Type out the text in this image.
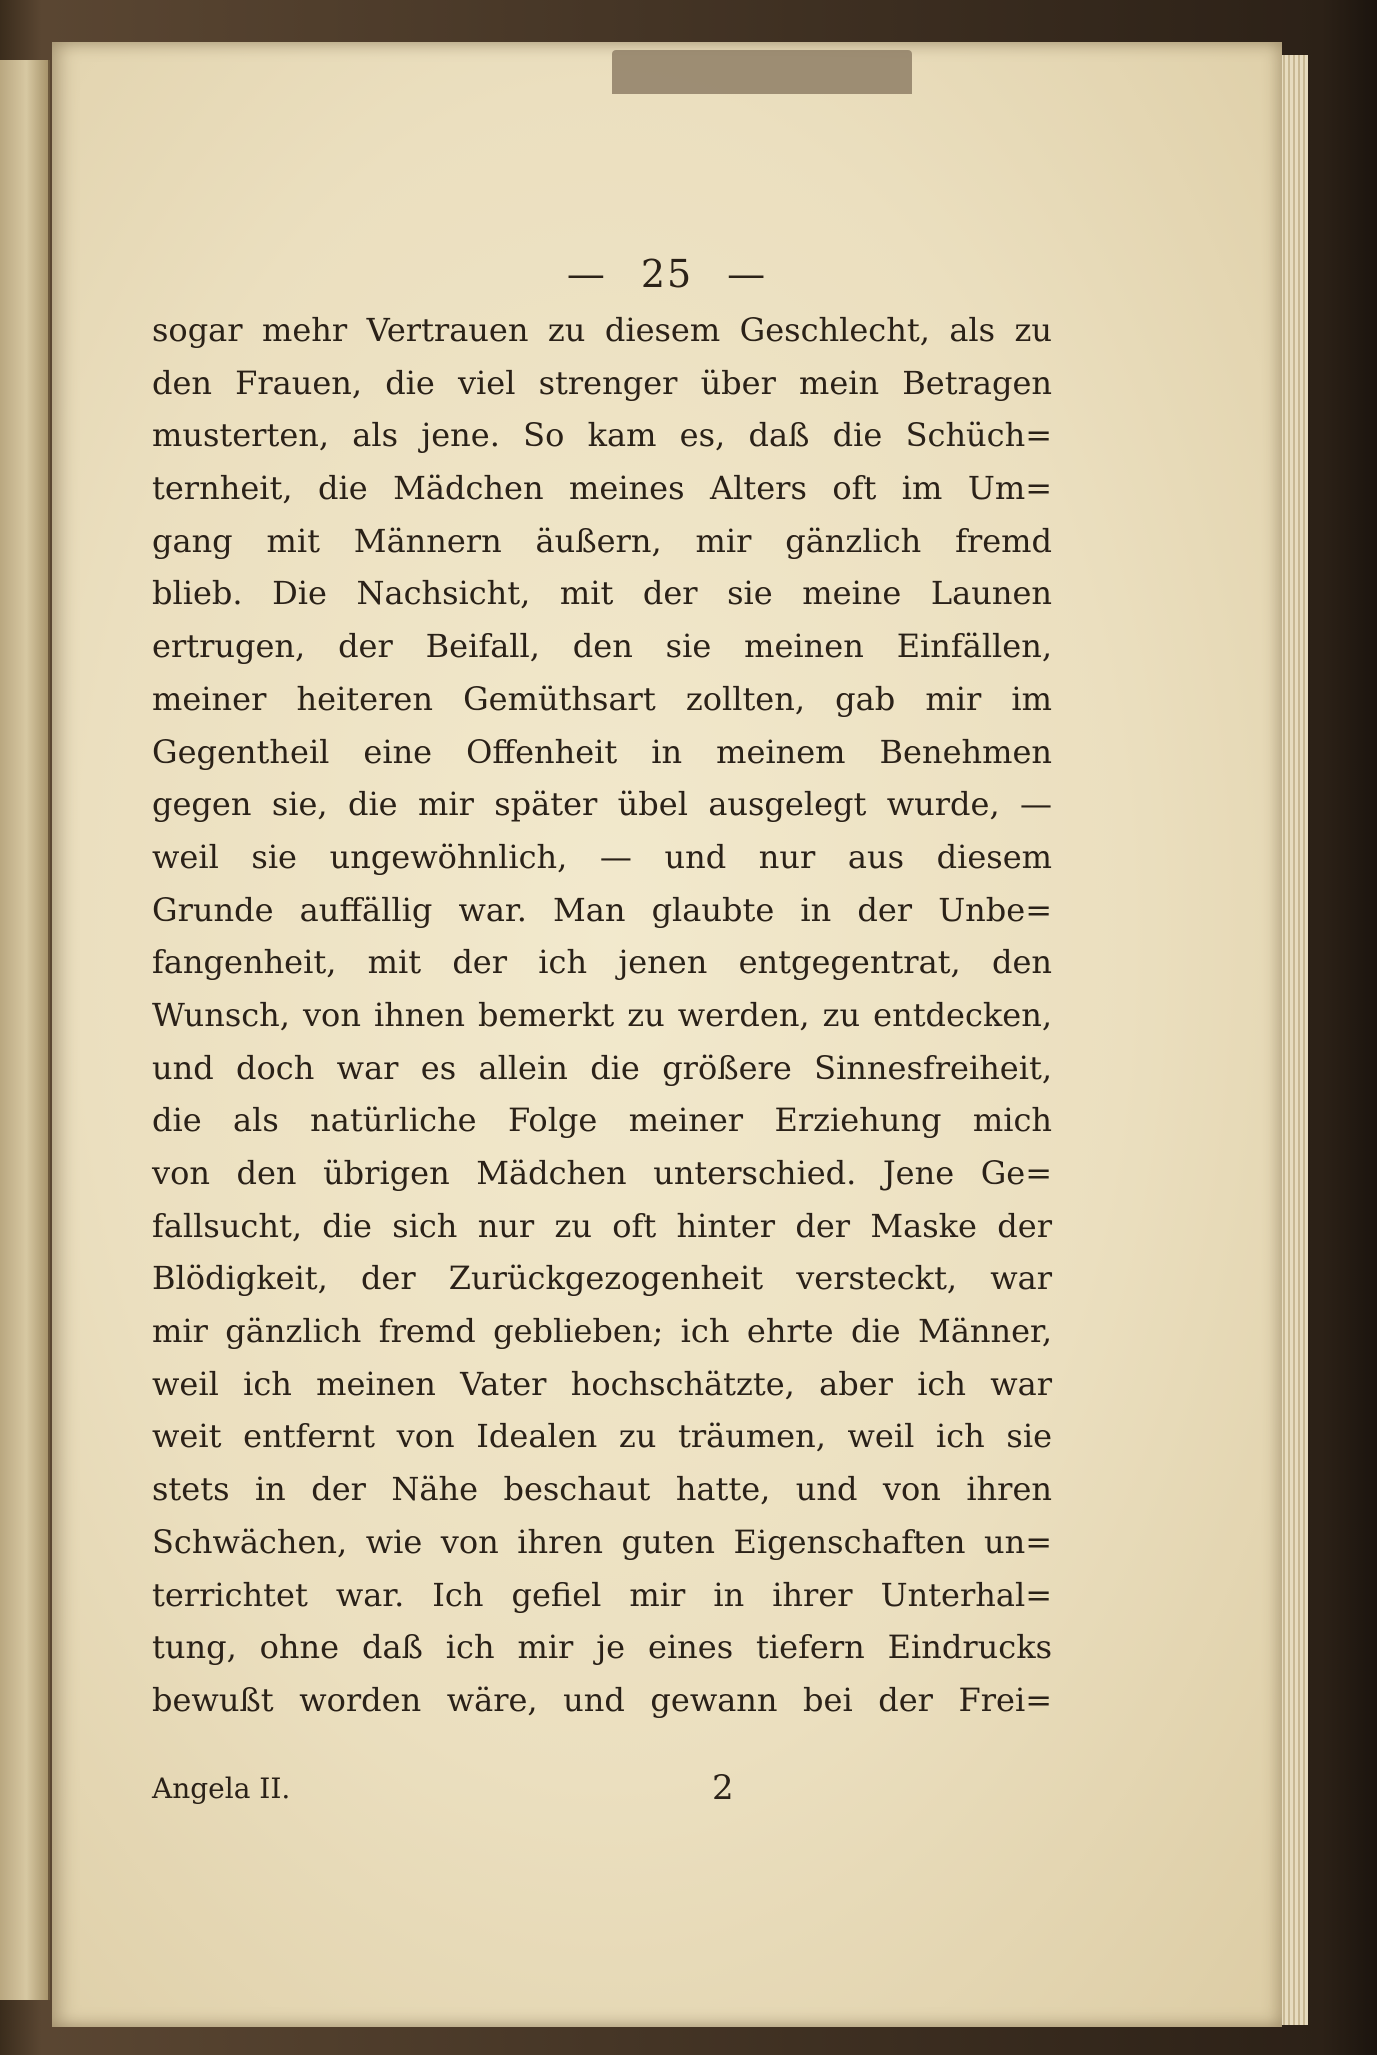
— 25 —
sogar mehr Vertrauen zu diesem Geschlecht, als zu
den Frauen, die viel strenger über mein Betragen
musterten, als jene. So kam es, daß die Schüch=
ternheit, die Mädchen meines Alters oft im Um=
gang mit Männern äußern, mir gänzlich fremd
blieb. Die Nachsicht, mit der sie meine Launen
ertrugen, der Beifall, den sie meinen Einfällen,
meiner heiteren Gemüthsart zollten, gab mir im
Gegentheil eine Offenheit in meinem Benehmen
gegen sie, die mir später übel ausgelegt wurde, —
weil sie ungewöhnlich, — und nur aus diesem
Grunde auffällig war. Man glaubte in der Unbe=
fangenheit, mit der ich jenen entgegentrat, den
Wunsch, von ihnen bemerkt zu werden, zu entdecken,
und doch war es allein die größere Sinnesfreiheit,
die als natürliche Folge meiner Erziehung mich
von den übrigen Mädchen unterschied. Jene Ge=
fallsucht, die sich nur zu oft hinter der Maske der
Blödigkeit, der Zurückgezogenheit versteckt, war
mir gänzlich fremd geblieben; ich ehrte die Männer,
weil ich meinen Vater hochschätzte, aber ich war
weit entfernt von Idealen zu träumen, weil ich sie
stets in der Nähe beschaut hatte, und von ihren
Schwächen, wie von ihren guten Eigenschaften un=
terrichtet war. Ich gefiel mir in ihrer Unterhal=
tung, ohne daß ich mir je eines tiefern Eindrucks
bewußt worden wäre, und gewann bei der Frei=
Angela II.	2
